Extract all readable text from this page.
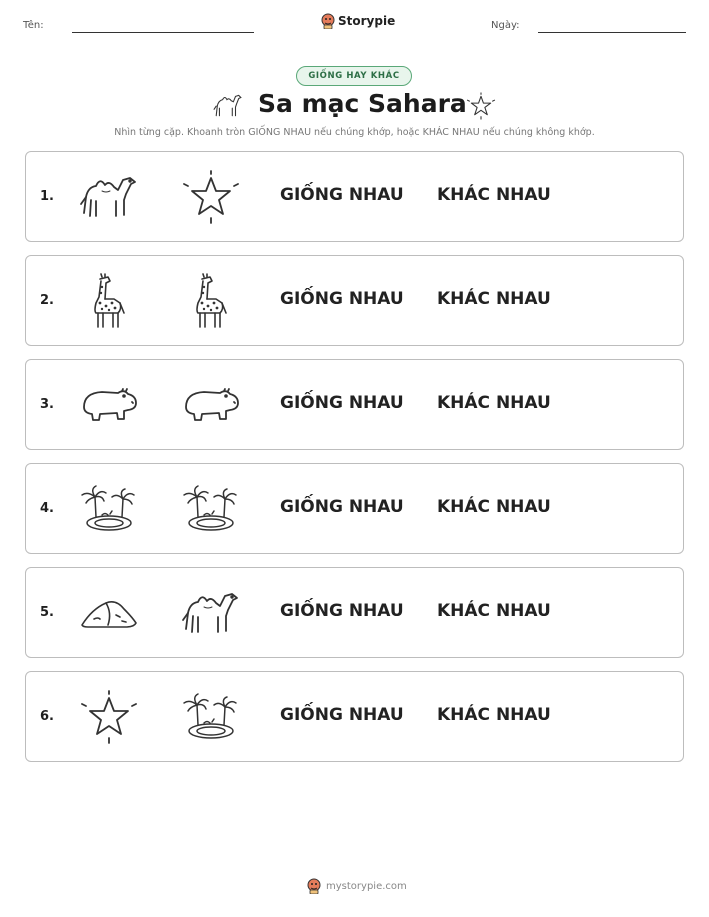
Tên:	Storypie	Ngày:
GIỐNG HAY KHÁC
Sa mạc Sahara
Nhìn từng cặp. Khoanh tròn GIỐNG NHAU nếu chúng khớp, hoặc KHÁC NHAU nếu chúng không khớp.
1.	GIỐNG NHAU KHÁC NHAU
2.	GIỐNG NHAU KHÁC NHAU
3.	GIỐNG NHAU KHÁC NHAU
4.	GIỐNG NHAU KHÁC NHAU
5.	GIỐNG NHAU KHÁC NHAU
6.	GIỐNG NHAU KHÁC NHAU
mystorypie.com
